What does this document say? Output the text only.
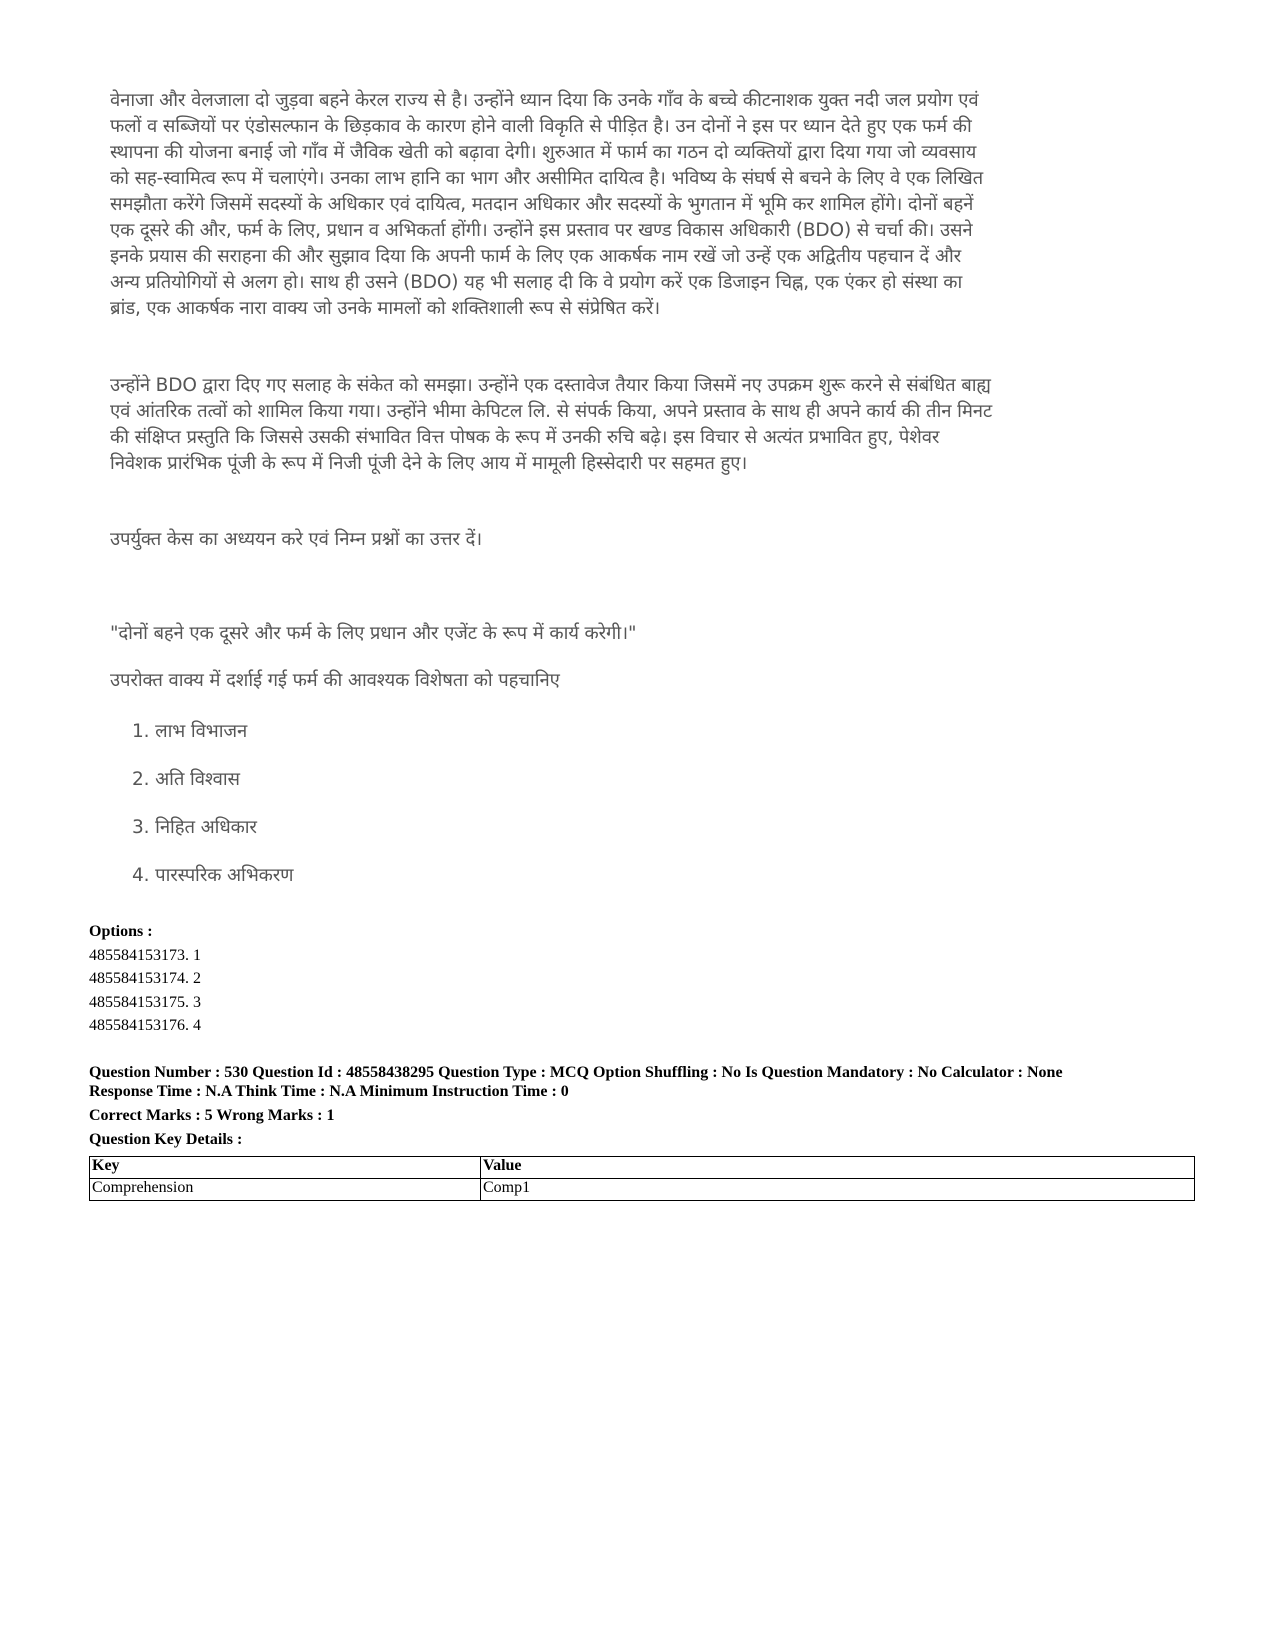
वेनाजा और वेलजाला दो जुड़वा बहने केरल राज्य से है। उन्होंने ध्यान दिया कि उनके गाँव के बच्चे कीटनाशक युक्त नदी जल प्रयोग एवं फलों व सब्जियों पर एंडोसल्फान के छिड़काव के कारण होने वाली विकृति से पीड़ित है। उन दोनों ने इस पर ध्यान देते हुए एक फर्म की स्थापना की योजना बनाई जो गाँव में जैविक खेती को बढ़ावा देगी। शुरुआत में फार्म का गठन दो व्यक्तियों द्वारा दिया गया जो व्यवसाय को सह-स्वामित्व रूप में चलाएंगे। उनका लाभ हानि का भाग और असीमित दायित्व है। भविष्य के संघर्ष से बचने के लिए वे एक लिखित समझौता करेंगे जिसमें सदस्यों के अधिकार एवं दायित्व, मतदान अधिकार और सदस्यों के भुगतान में भूमि कर शामिल होंगे। दोनों बहनें एक दूसरे की और, फर्म के लिए, प्रधान व अभिकर्ता होंगी। उन्होंने इस प्रस्ताव पर खण्ड विकास अधिकारी (BDO) से चर्चा की। उसने इनके प्रयास की सराहना की और सुझाव दिया कि अपनी फार्म के लिए एक आकर्षक नाम रखें जो उन्हें एक अद्वितीय पहचान दें और अन्य प्रतियोगियों से अलग हो। साथ ही उसने (BDO) यह भी सलाह दी कि वे प्रयोग करें एक डिजाइन चिह्न, एक एंकर हो संस्था का ब्रांड, एक आकर्षक नारा वाक्य जो उनके मामलों को शक्तिशाली रूप से संप्रेषित करें।

उन्होंने BDO द्वारा दिए गए सलाह के संकेत को समझा। उन्होंने एक दस्तावेज तैयार किया जिसमें नए उपक्रम शुरू करने से संबंधित बाह्य एवं आंतरिक तत्वों को शामिल किया गया। उन्होंने भीमा केपिटल लि. से संपर्क किया, अपने प्रस्ताव के साथ ही अपने कार्य की तीन मिनट की संक्षिप्त प्रस्तुति कि जिससे उसकी संभावित वित्त पोषक के रूप में उनकी रुचि बढ़े। इस विचार से अत्यंत प्रभावित हुए, पेशेवर निवेशक प्रारंभिक पूंजी के रूप में निजी पूंजी देने के लिए आय में मामूली हिस्सेदारी पर सहमत हुए।

उपर्युक्त केस का अध्ययन करे एवं निम्न प्रश्नों का उत्तर दें।

"दोनों बहने एक दूसरे और फर्म के लिए प्रधान और एजेंट के रूप में कार्य करेगी।"

उपरोक्त वाक्य में दर्शाई गई फर्म की आवश्यक विशेषता को पहचानिए

1. लाभ विभाजन
2. अति विश्वास
3. निहित अधिकार
4. पारस्परिक अभिकरण
Options :
485584153173. 1
485584153174. 2
485584153175. 3
485584153176. 4
Question Number : 530 Question Id : 48558438295 Question Type : MCQ Option Shuffling : No Is Question Mandatory : No Calculator : None
Response Time : N.A Think Time : N.A Minimum Instruction Time : 0
Correct Marks : 5 Wrong Marks : 1
Question Key Details :
Key	Value
Comprehension	Comp1
